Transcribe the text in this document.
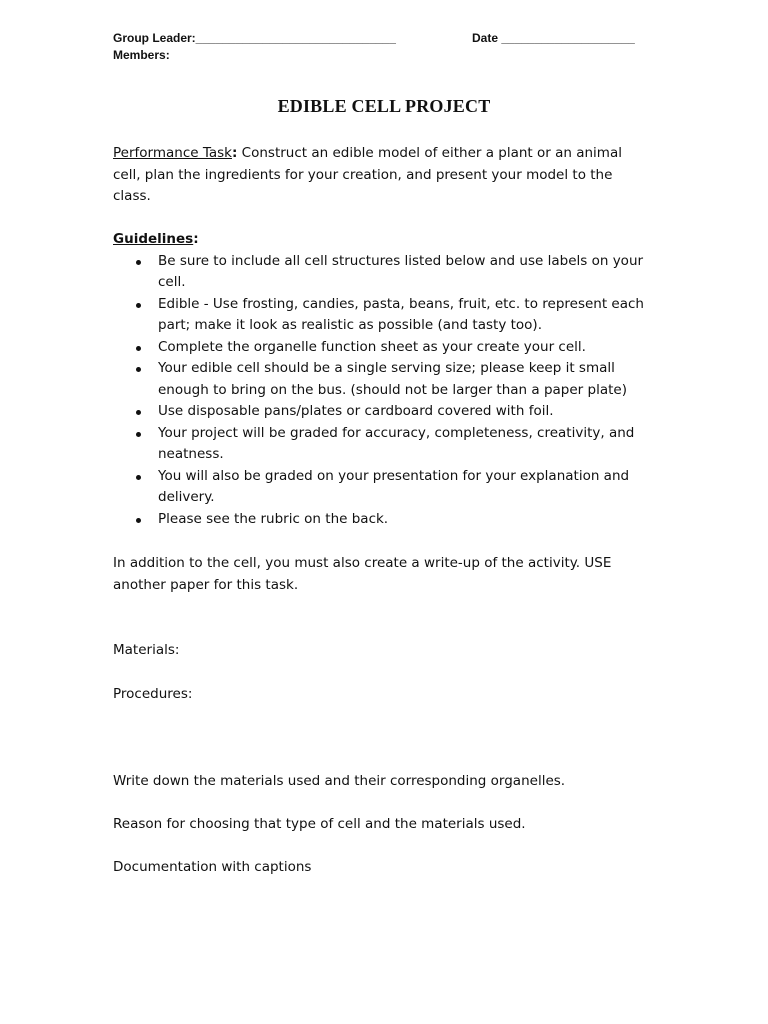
Group Leader:______________________________	Date ____________________
Members:
EDIBLE CELL PROJECT
Performance Task: Construct an edible model of either a plant or an animal cell, plan the ingredients for your creation, and present your model to the class.
Guidelines:
Be sure to include all cell structures listed below and use labels on your cell.
Edible - Use frosting, candies, pasta, beans, fruit, etc. to represent each part; make it look as realistic as possible (and tasty too).
Complete the organelle function sheet as your create your cell.
Your edible cell should be a single serving size; please keep it small enough to bring on the bus. (should not be larger than a paper plate)
Use disposable pans/plates or cardboard covered with foil.
Your project will be graded for accuracy, completeness, creativity, and neatness.
You will also be graded on your presentation for your explanation and delivery.
Please see the rubric on the back.
In addition to the cell, you must also create a write-up of the activity. USE another paper for this task.
Materials:
Procedures:
Write down the materials used and their corresponding organelles.
Reason for choosing that type of cell and the materials used.
Documentation with captions
